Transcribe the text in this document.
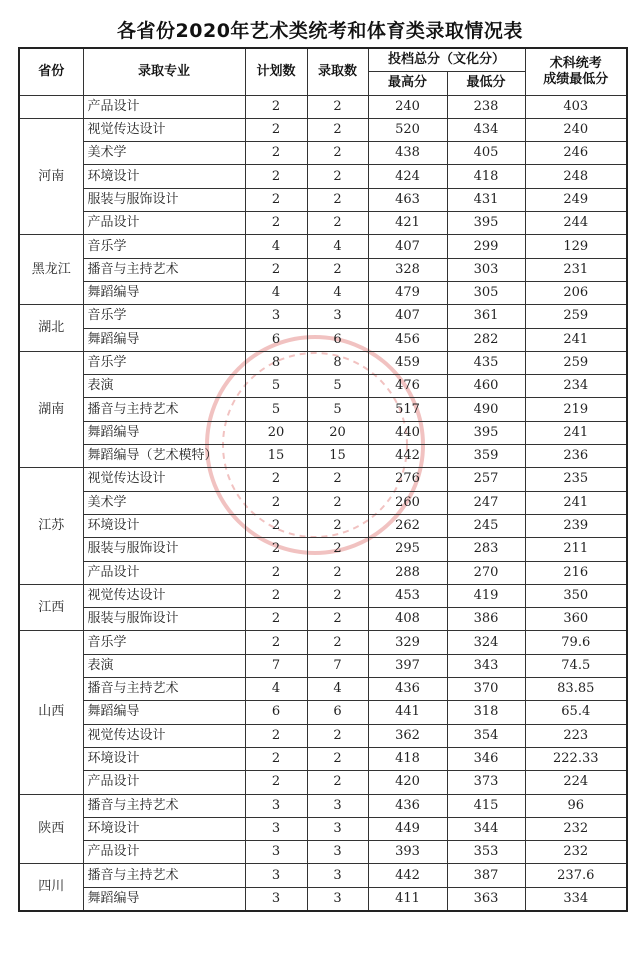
各省份2020年艺术类统考和体育类录取情况表
省份	录取专业	计划数	录取数	投档总分（文化分）		术科统考
成绩最低分

				最高分	最低分	
	产品设计	2	2	240	238	403
河南	视觉传达设计	2	2	520	434	240
	美术学	2	2	438	405	246
	环境设计	2	2	424	418	248
	服装与服饰设计	2	2	463	431	249
	产品设计	2	2	421	395	244
黑龙江	音乐学	4	4	407	299	129
	播音与主持艺术	2	2	328	303	231
	舞蹈编导	4	4	479	305	206
湖北	音乐学	3	3	407	361	259
	舞蹈编导	6	6	456	282	241
湖南	音乐学	8	8	459	435	259
	表演	5	5	476	460	234
	播音与主持艺术	5	5	517	490	219
	舞蹈编导	20	20	440	395	241
	舞蹈编导（艺术模特）	15	15	442	359	236
江苏	视觉传达设计	2	2	276	257	235
	美术学	2	2	260	247	241
	环境设计	2	2	262	245	239
	服装与服饰设计	2	2	295	283	211
	产品设计	2	2	288	270	216
江西	视觉传达设计	2	2	453	419	350
	服装与服饰设计	2	2	408	386	360
山西	音乐学	2	2	329	324	79.6
	表演	7	7	397	343	74.5
	播音与主持艺术	4	4	436	370	83.85
	舞蹈编导	6	6	441	318	65.4
	视觉传达设计	2	2	362	354	223
	环境设计	2	2	418	346	222.33
	产品设计	2	2	420	373	224
陕西	播音与主持艺术	3	3	436	415	96
	环境设计	3	3	449	344	232
	产品设计	3	3	393	353	232
四川	播音与主持艺术	3	3	442	387	237.6
	舞蹈编导	3	3	411	363	334
